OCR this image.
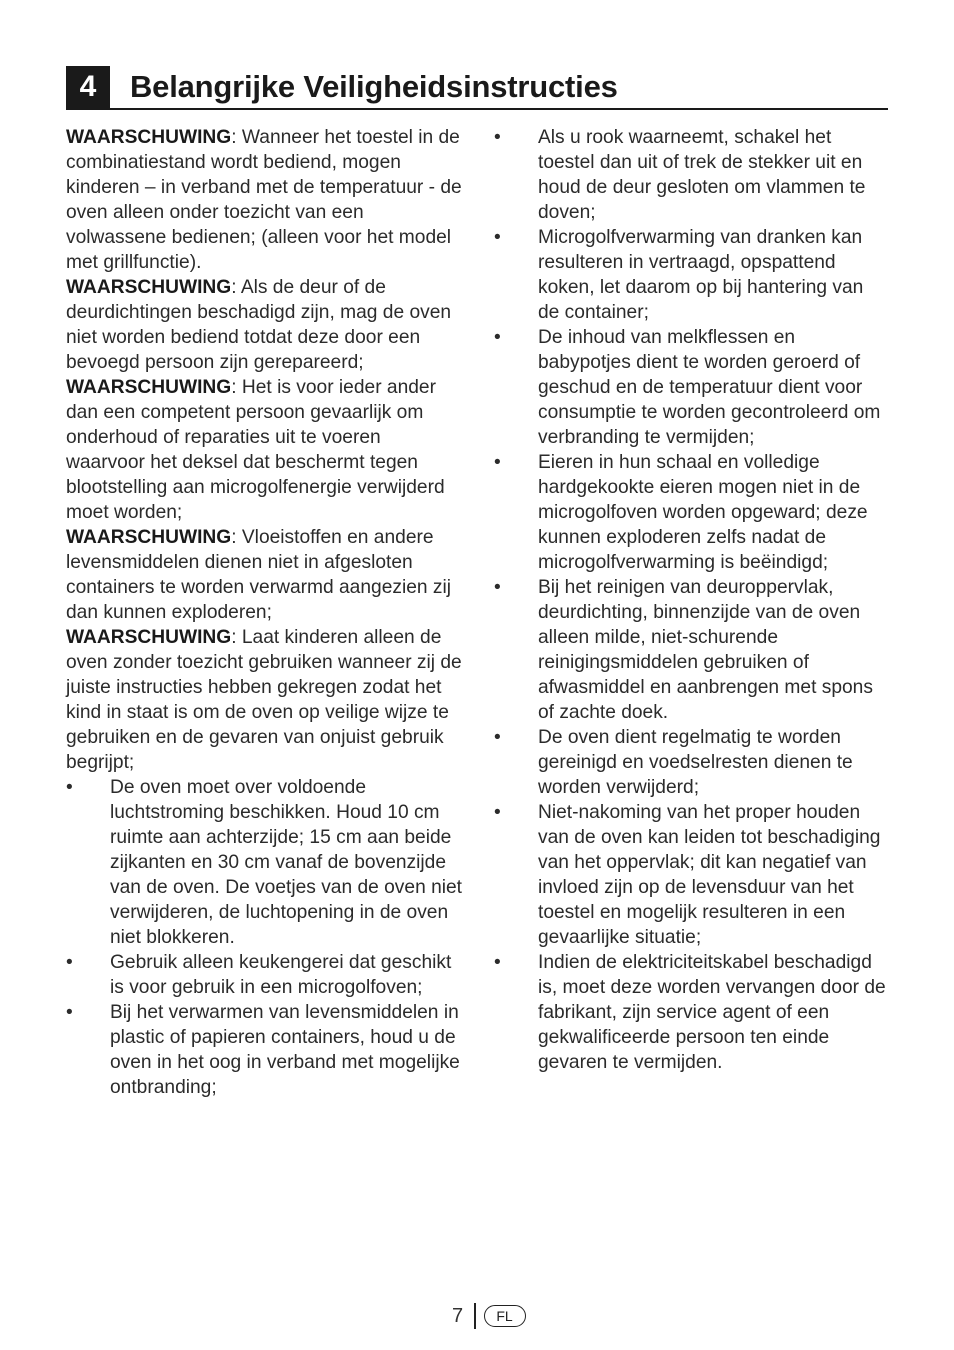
4	Belangrijke Veiligheidsinstructies

WAARSCHUWING: Wanneer het toestel in de combinatiestand wordt bediend, mogen kinderen – in verband met de temperatuur - de oven alleen onder toezicht van een volwassene bedienen; (alleen voor het model met grillfunctie).

WAARSCHUWING: Als de deur of de deurdichtingen beschadigd zijn, mag de oven niet worden bediend totdat deze door een bevoegd persoon zijn gerepareerd;

WAARSCHUWING: Het is voor ieder ander dan een competent persoon gevaarlijk om onderhoud of reparaties uit te voeren waarvoor het deksel dat beschermt tegen blootstelling aan microgolfenergie verwijderd moet worden;

WAARSCHUWING: Vloeistoffen en andere levensmiddelen dienen niet in afgesloten containers te worden verwarmd aangezien zij dan kunnen exploderen;

WAARSCHUWING: Laat kinderen alleen de oven zonder toezicht gebruiken wanneer zij de juiste instructies hebben gekregen zodat het kind in staat is om de oven op veilige wijze te gebruiken en de gevaren van onjuist gebruik begrijpt;

• De oven moet over voldoende luchtstroming beschikken. Houd 10 cm ruimte aan achterzijde; 15 cm aan beide zijkanten en 30 cm vanaf de bovenzijde van de oven. De voetjes van de oven niet verwijderen, de luchtopening in de oven niet blokkeren.
• Gebruik alleen keukengerei dat geschikt is voor gebruik in een microgolfoven;
• Bij het verwarmen van levensmiddelen in plastic of papieren containers, houd u de oven in het oog in verband met mogelijke ontbranding;
• Als u rook waarneemt, schakel het toestel dan uit of trek de stekker uit en houd de deur gesloten om vlammen te doven;
• Microgolfverwarming van dranken kan resulteren in vertraagd, opspattend koken, let daarom op bij hantering van de container;
• De inhoud van melkflessen en babypotjes dient te worden geroerd of geschud en de temperatuur dient voor consumptie te worden gecontroleerd om verbranding te vermijden;
• Eieren in hun schaal en volledige hardgekookte eieren mogen niet in de microgolfoven worden opgeward; deze kunnen exploderen zelfs nadat de microgolfverwarming is beëindigd;
• Bij het reinigen van deuroppervlak, deurdichting, binnenzijde van de oven alleen milde, niet-schurende reinigingsmiddelen gebruiken of afwasmiddel en aanbrengen met spons of zachte doek.
• De oven dient regelmatig te worden gereinigd en voedselresten dienen te worden verwijderd;
• Niet-nakoming van het proper houden van de oven kan leiden tot beschadiging van het oppervlak; dit kan negatief van invloed zijn op de levensduur van het toestel en mogelijk resulteren in een gevaarlijke situatie;
• Indien de elektriciteitskabel beschadigd is, moet deze worden vervangen door de fabrikant, zijn service agent of een gekwalificeerde persoon ten einde gevaren te vermijden.
7	FL
